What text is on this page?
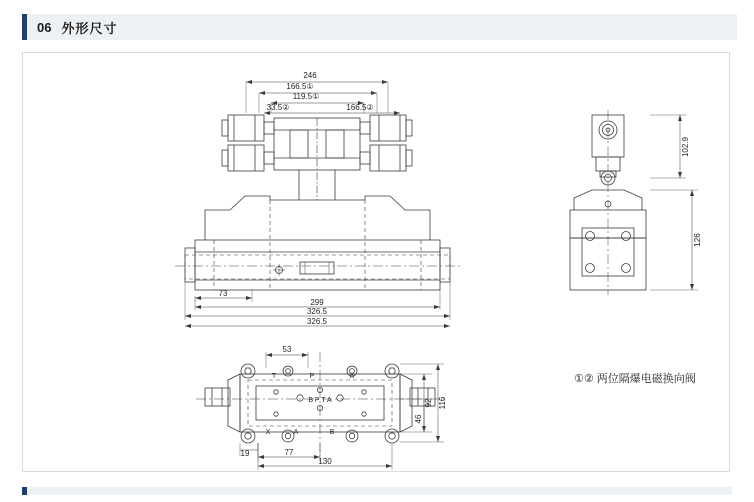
06 外形尺寸
①② 两位隔爆电磁换向阀
246
166.5①
119.5①
33.5②	166.5②
73
299
326.5
326.5
102.9
126
53
19	77
130
92
46
116
T	P	A
X	A	B
B P T A
